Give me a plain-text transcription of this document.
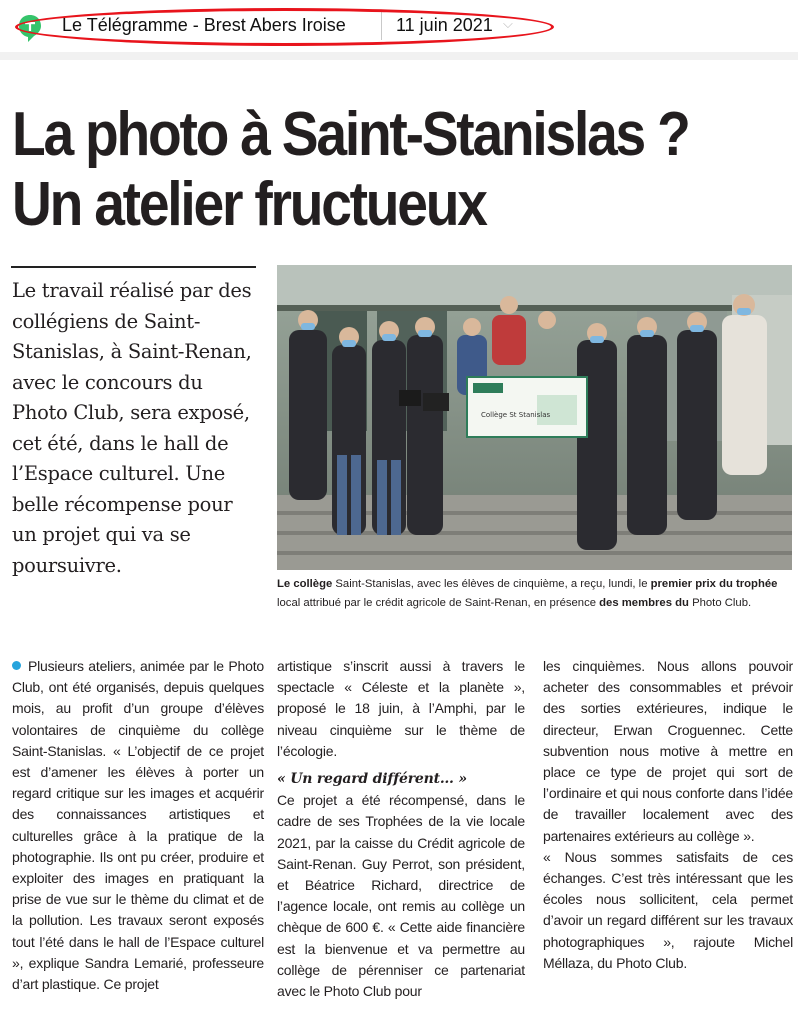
Le Télégramme - Brest Abers Iroise	11 juin 2021 ⌵
La photo à Saint-Stanislas ?
Un atelier fructueux

Le travail réalisé par des collégiens de Saint-Stanislas, à Saint-Renan, avec le concours du Photo Club, sera exposé, cet été, dans le hall de l’Espace culturel. Une belle récompense pour un projet qui va se poursuivre.

Collège St Stanislas

Le collège Saint-Stanislas, avec les élèves de cinquième, a reçu, lundi, le premier prix du trophée local attribué par le crédit agricole de Saint-Renan, en présence des membres du Photo Club.

Plusieurs ateliers, animée par le Photo Club, ont été organisés, depuis quelques mois, au profit d’un groupe d’élèves volontaires de cinquième du collège Saint-Stanislas. « L’objectif de ce projet est d’amener les élèves à porter un regard critique sur les images et acquérir des connaissances artistiques et culturelles grâce à la pratique de la photographie. Ils ont pu créer, produire et exploiter des images en pratiquant la prise de vue sur le thème du climat et de la pollution. Les travaux seront exposés tout l’été dans le hall de l’Espace culturel », explique Sandra Lemarié, professeure d’art plastique. Ce projet

artistique s’inscrit aussi à travers le spectacle « Céleste et la planète », proposé le 18 juin, à l’Amphi, par le niveau cinquième sur le thème de l’écologie.
« Un regard différent… »
Ce projet a été récompensé, dans le cadre de ses Trophées de la vie locale 2021, par la caisse du Crédit agricole de Saint-Renan. Guy Perrot, son président, et Béatrice Richard, directrice de l’agence locale, ont remis au collège un chèque de 600 €. « Cette aide financière est la bienvenue et va permettre au collège de pérenniser ce partenariat avec le Photo Club pour

les cinquièmes. Nous allons pouvoir acheter des consommables et prévoir des sorties extérieures, indique le directeur, Erwan Croguennec. Cette subvention nous motive à mettre en place ce type de projet qui sort de l’ordinaire et qui nous conforte dans l’idée de travailler localement avec des partenaires extérieurs au collège ».
« Nous sommes satisfaits de ces échanges. C’est très intéressant que les écoles nous sollicitent, cela permet d’avoir un regard différent sur les travaux photographiques », rajoute Michel Méllaza, du Photo Club.
